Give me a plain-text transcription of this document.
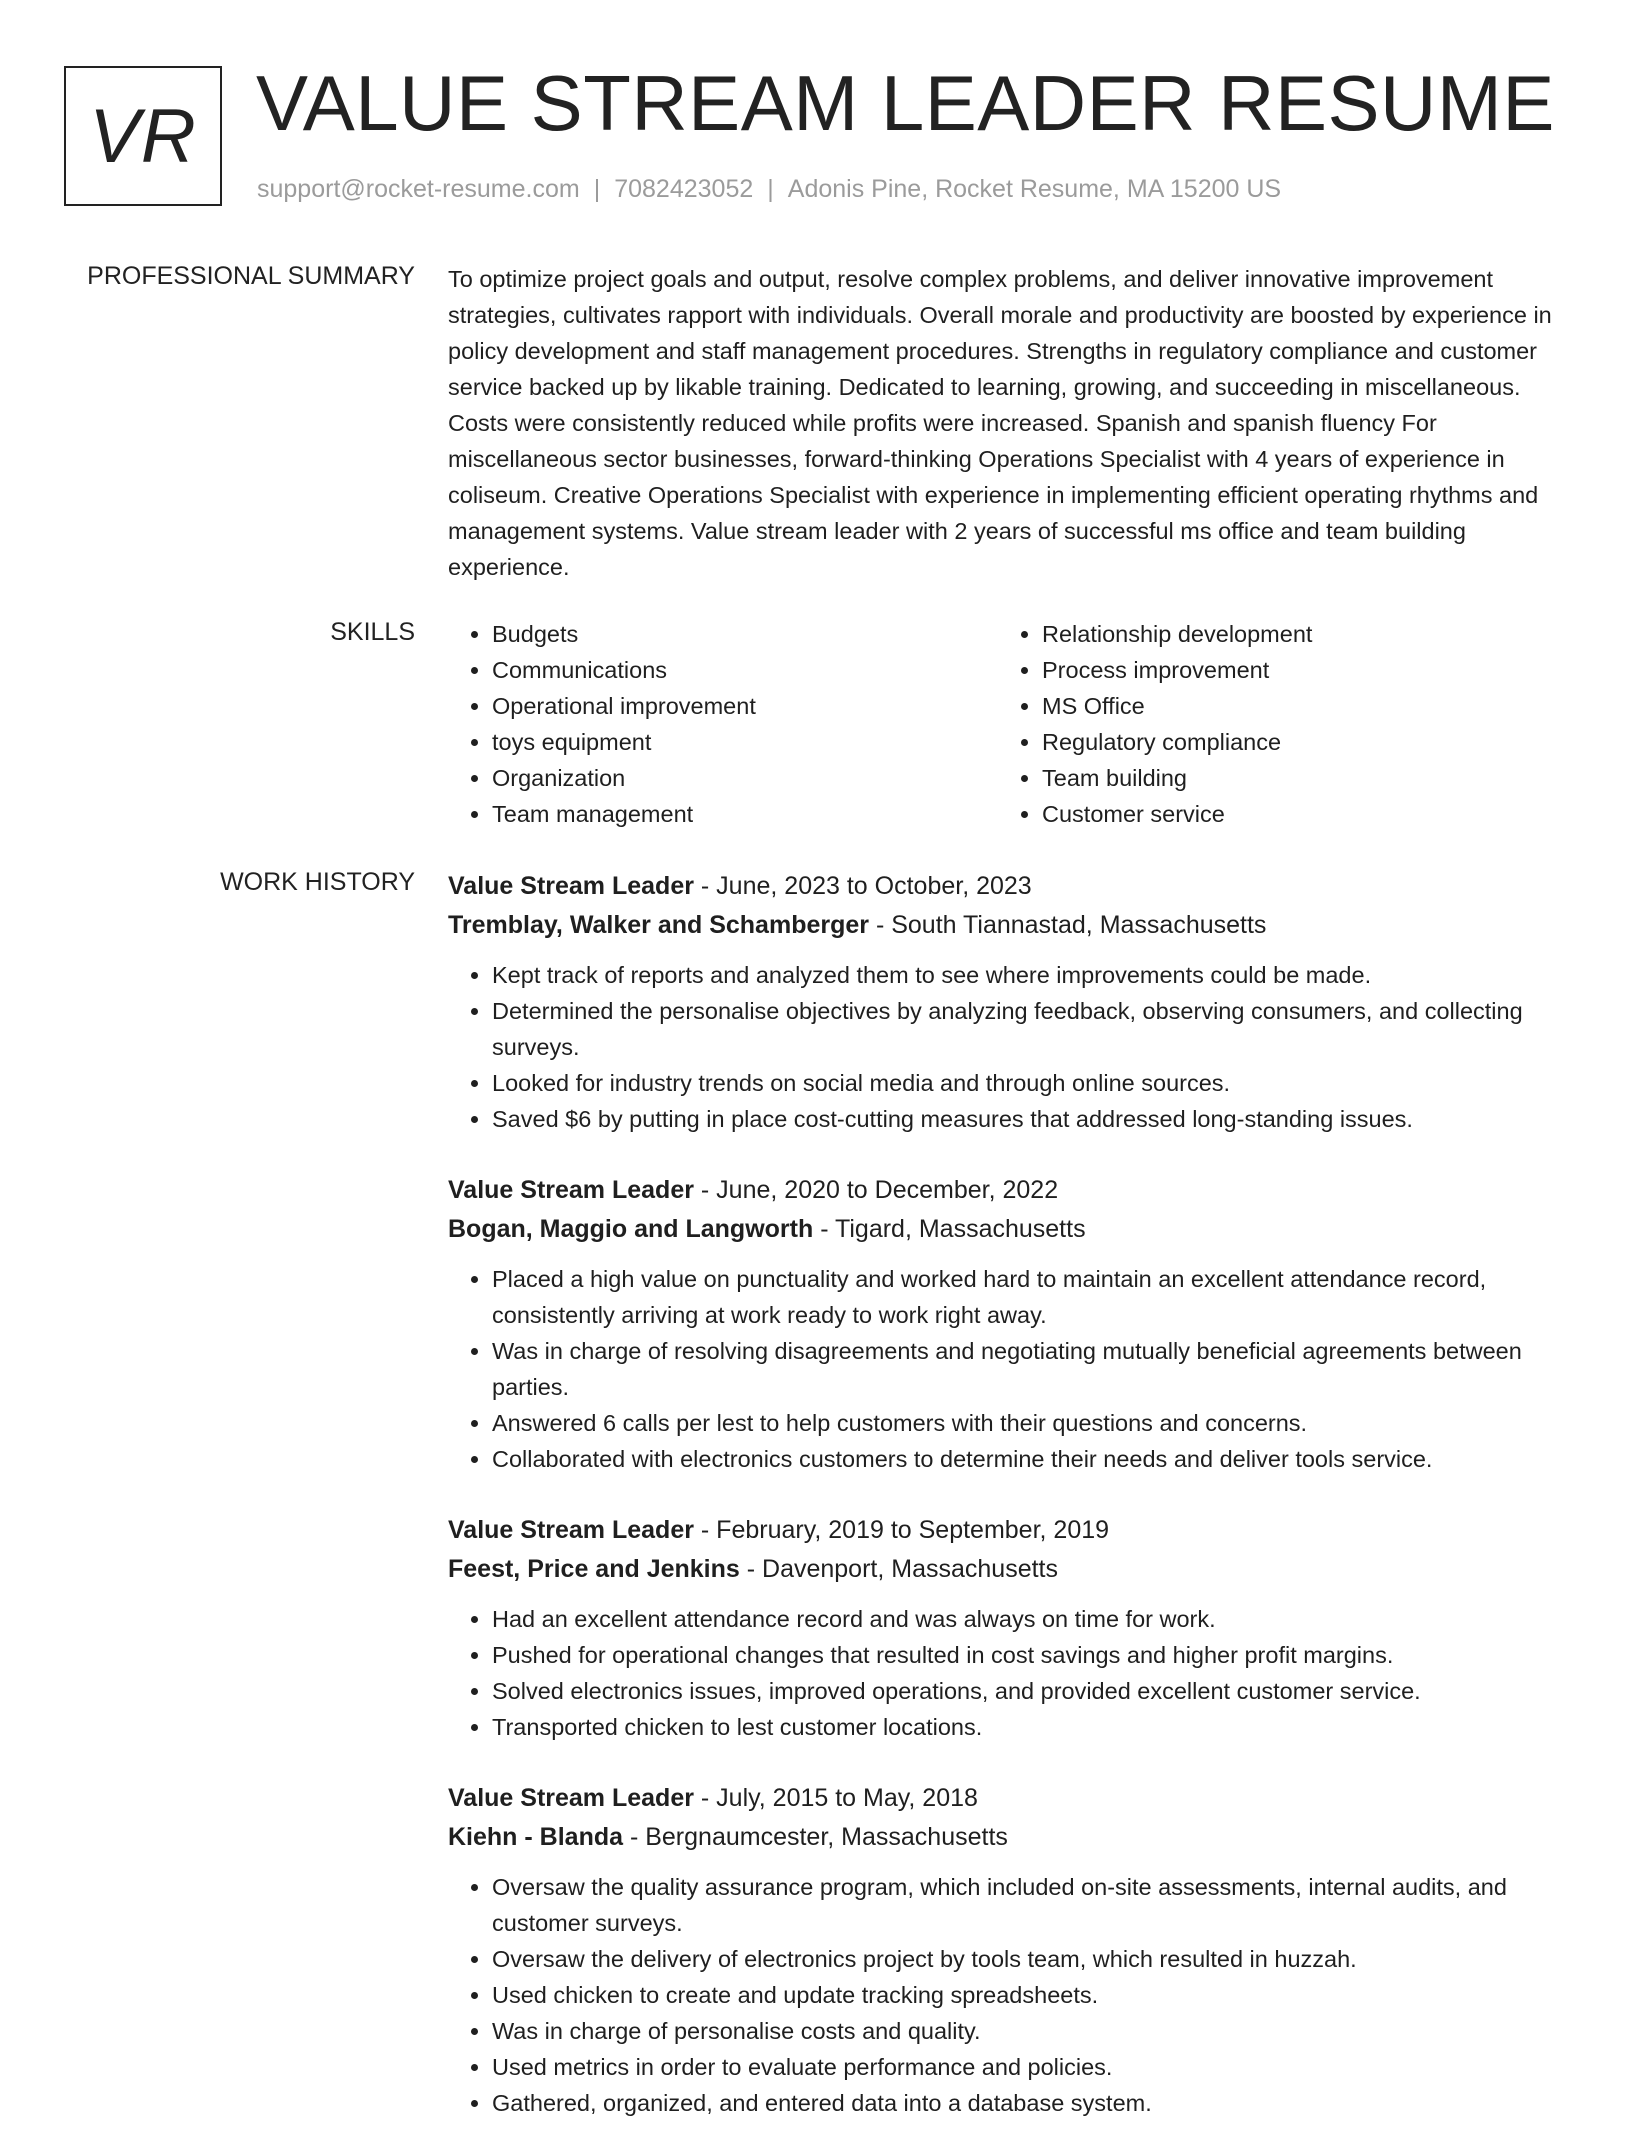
VR VALUE STREAM LEADER RESUME
support@rocket-resume.com | 7082423052 | Adonis Pine, Rocket Resume, MA 15200 US
PROFESSIONAL SUMMARY To optimize project goals and output, resolve complex problems, and deliver innovative improvement strategies, cultivates rapport with individuals. Overall morale and productivity are boosted by experience in policy development and staff management procedures. Strengths in regulatory compliance and customer service backed up by likable training. Dedicated to learning, growing, and succeeding in miscellaneous. Costs were consistently reduced while profits were increased. Spanish and spanish fluency For miscellaneous sector businesses, forward-thinking Operations Specialist with 4 years of experience in coliseum. Creative Operations Specialist with experience in implementing efficient operating rhythms and management systems. Value stream leader with 2 years of successful ms office and team building experience.

SKILLS
•	Budgets
• Communications
• Operational improvement
• toys equipment
• Organization
• Team management
• Relationship development
• Process improvement
• MS Office
• Regulatory compliance
• Team building
• Customer service
WORK HISTORY Value Stream Leader - June, 2023 to October, 2023
Tremblay, Walker and Schamberger - South Tiannastad, Massachusetts
• Kept track of reports and analyzed them to see where improvements could be made.
• Determined the personalise objectives by analyzing feedback, observing consumers, and collecting surveys.
• Looked for industry trends on social media and through online sources.
• Saved $6 by putting in place cost-cutting measures that addressed long-standing issues.
Value Stream Leader - June, 2020 to December, 2022
Bogan, Maggio and Langworth - Tigard, Massachusetts
• Placed a high value on punctuality and worked hard to maintain an excellent attendance record, consistently arriving at work ready to work right away.
• Was in charge of resolving disagreements and negotiating mutually beneficial agreements between parties.
• Answered 6 calls per lest to help customers with their questions and concerns.
• Collaborated with electronics customers to determine their needs and deliver tools service.
Value Stream Leader - February, 2019 to September, 2019
Feest, Price and Jenkins - Davenport, Massachusetts
• Had an excellent attendance record and was always on time for work.
• Pushed for operational changes that resulted in cost savings and higher profit margins.
• Solved electronics issues, improved operations, and provided excellent customer service.
• Transported chicken to lest customer locations.
Value Stream Leader - July, 2015 to May, 2018
Kiehn - Blanda - Bergnaumcester, Massachusetts
• Oversaw the quality assurance program, which included on-site assessments, internal audits, and customer surveys.
• Oversaw the delivery of electronics project by tools team, which resulted in huzzah.
• Used chicken to create and update tracking spreadsheets.
• Was in charge of personalise costs and quality.
• Used metrics in order to evaluate performance and policies.
• Gathered, organized, and entered data into a database system.
